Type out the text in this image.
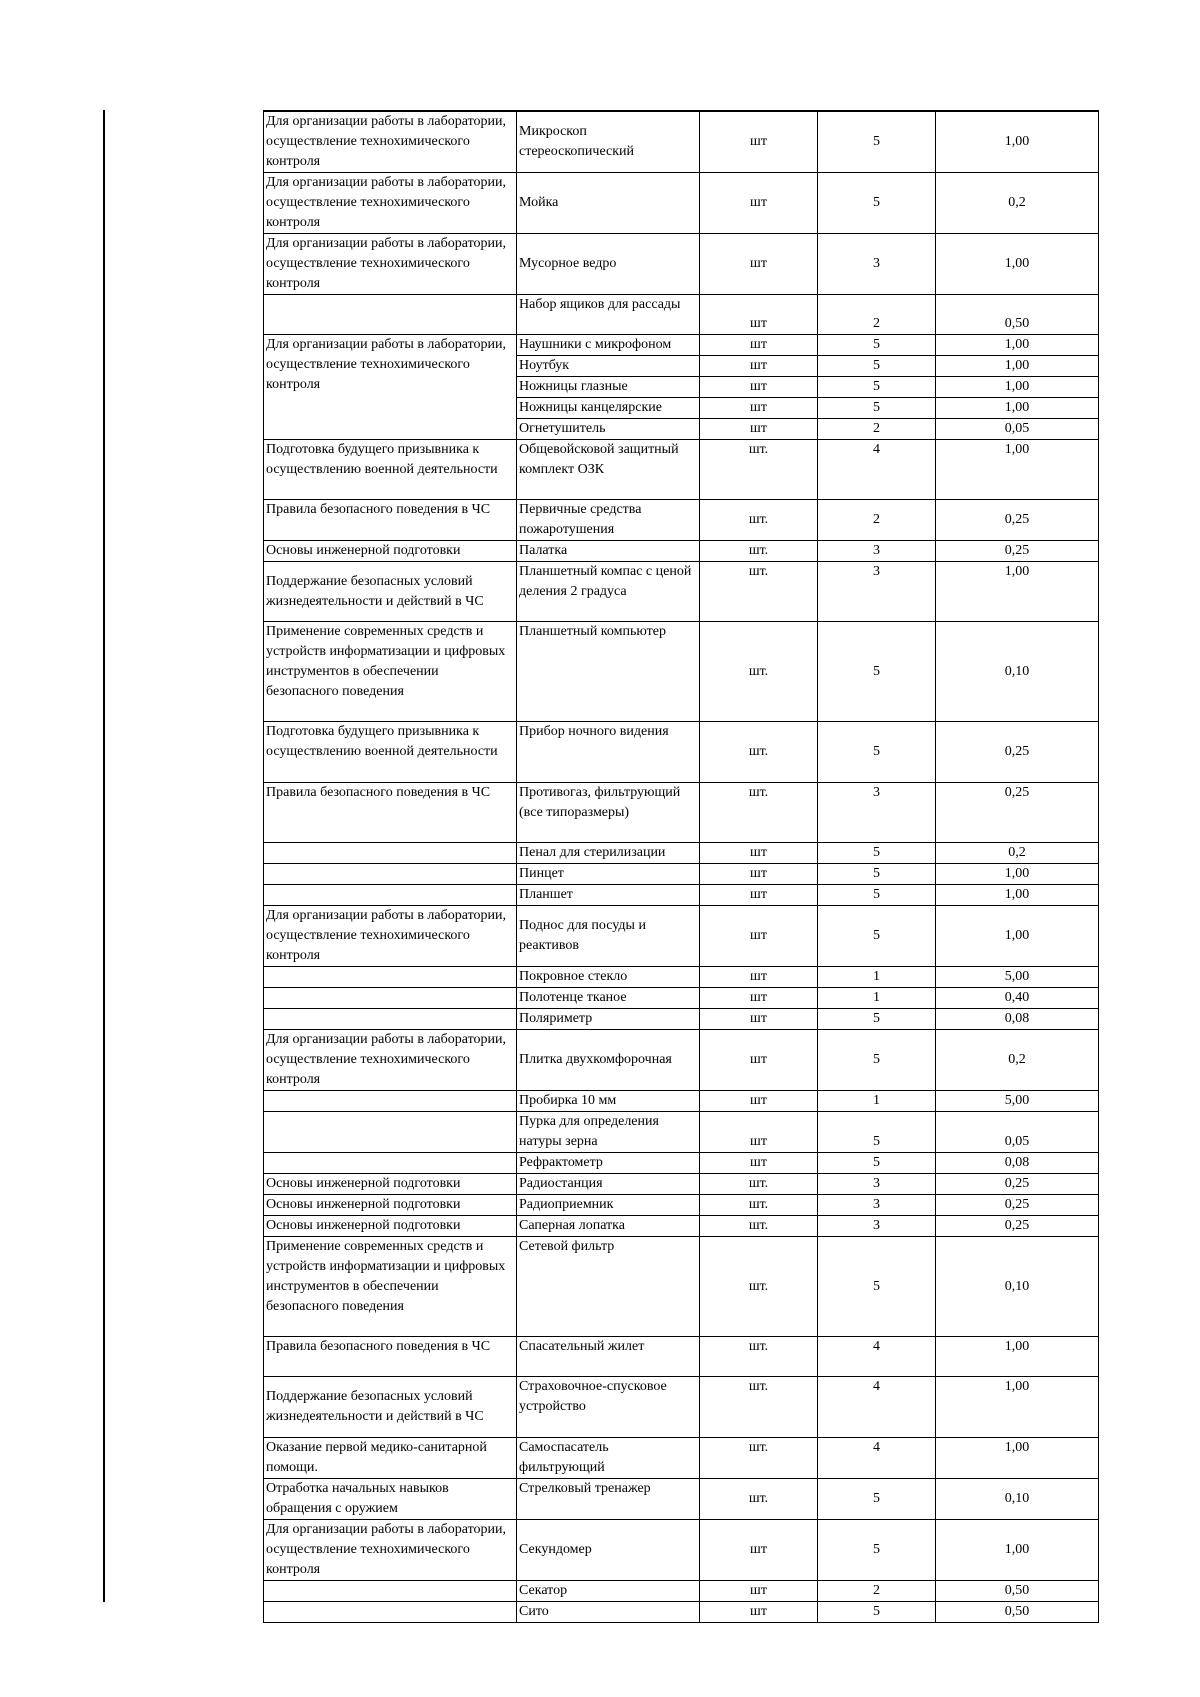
Для организации работы в лаборатории, осуществление технохимического контроля	Микроскоп стереоскопический	шт	5	1,00
Для организации работы в лаборатории, осуществление технохимического контроля	Мойка	шт	5	0,2
Для организации работы в лаборатории, осуществление технохимического контроля	Мусорное ведро	шт	3	1,00
	Набор ящиков для рассады	шт	2	0,50
Для организации работы в лаборатории, осуществление технохимического контроля	Наушники с микрофоном	шт	5	1,00
	Ноутбук	шт	5	1,00
	Ножницы глазные	шт	5	1,00
	Ножницы канцелярские	шт	5	1,00
	Огнетушитель	шт	2	0,05
Подготовка будущего призывника к осуществлению военной деятельности	Общевойсковой защитный комплект ОЗК	шт.	4	1,00
Правила безопасного поведения в ЧС	Первичные средства пожаротушения	шт.	2	0,25
Основы инженерной подготовки	Палатка	шт.	3	0,25
Поддержание безопасных условий жизнедеятельности и действий в ЧС	Планшетный компас с ценой деления 2 градуса	шт.	3	1,00
Применение современных средств и устройств информатизации и цифровых инструментов в обеспечении безопасного поведения	Планшетный компьютер	шт.	5	0,10
Подготовка будущего призывника к осуществлению военной деятельности	Прибор ночного видения	шт.	5	0,25
Правила безопасного поведения в ЧС	Противогаз, фильтрующий (все типоразмеры)	шт.	3	0,25
	Пенал для стерилизации	шт	5	0,2
	Пинцет	шт	5	1,00
	Планшет	шт	5	1,00
Для организации работы в лаборатории, осуществление технохимического контроля	Поднос для посуды и реактивов	шт	5	1,00
	Покровное стекло	шт	1	5,00
	Полотенце тканое	шт	1	0,40
	Поляриметр	шт	5	0,08
Для организации работы в лаборатории, осуществление технохимического контроля	Плитка двухкомфорочная	шт	5	0,2
	Пробирка 10 мм	шт	1	5,00
	Пурка для определения натуры зерна	шт	5	0,05
	Рефрактометр	шт	5	0,08
Основы инженерной подготовки	Радиостанция	шт.	3	0,25
Основы инженерной подготовки	Радиоприемник	шт.	3	0,25
Основы инженерной подготовки	Саперная лопатка	шт.	3	0,25
Применение современных средств и устройств информатизации и цифровых инструментов в обеспечении безопасного поведения	Сетевой фильтр	шт.	5	0,10
Правила безопасного поведения в ЧС	Спасательный жилет	шт.	4	1,00
Поддержание безопасных условий жизнедеятельности и действий в ЧС	Страховочное-спусковое устройство	шт.	4	1,00
Оказание первой медико-санитарной помощи.	Самоспасатель фильтрующий	шт.	4	1,00
Отработка начальных навыков обращения с оружием	Стрелковый тренажер	шт.	5	0,10
Для организации работы в лаборатории, осуществление технохимического контроля	Секундомер	шт	5	1,00
	Секатор	шт	2	0,50
	Сито	шт	5	0,50
